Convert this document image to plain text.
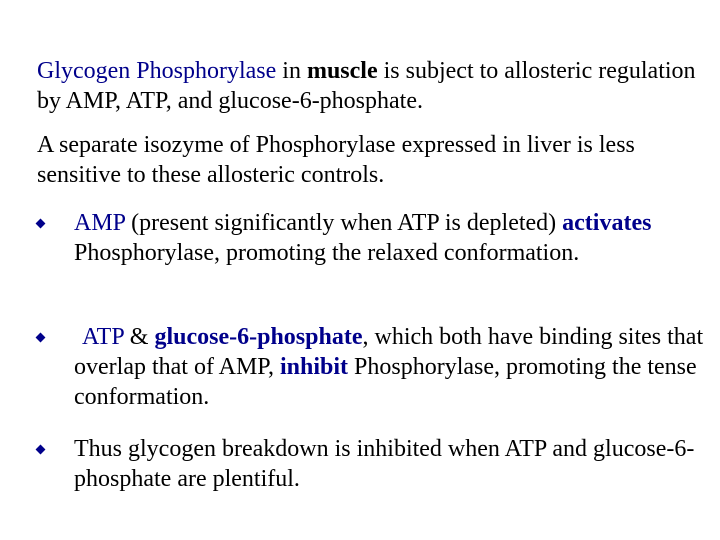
Glycogen Phosphorylase in muscle is subject to allosteric regulation by AMP, ATP, and glucose-6-phosphate.

A separate isozyme of Phosphorylase expressed in liver is less sensitive to these allosteric controls.

AMP (present significantly when ATP is depleted) activates Phosphorylase, promoting the relaxed conformation.
ATP & glucose-6-phosphate, which both have binding sites that overlap that of AMP, inhibit Phosphorylase, promoting the tense conformation.
Thus glycogen breakdown is inhibited when ATP and glucose-6-phosphate are plentiful.
